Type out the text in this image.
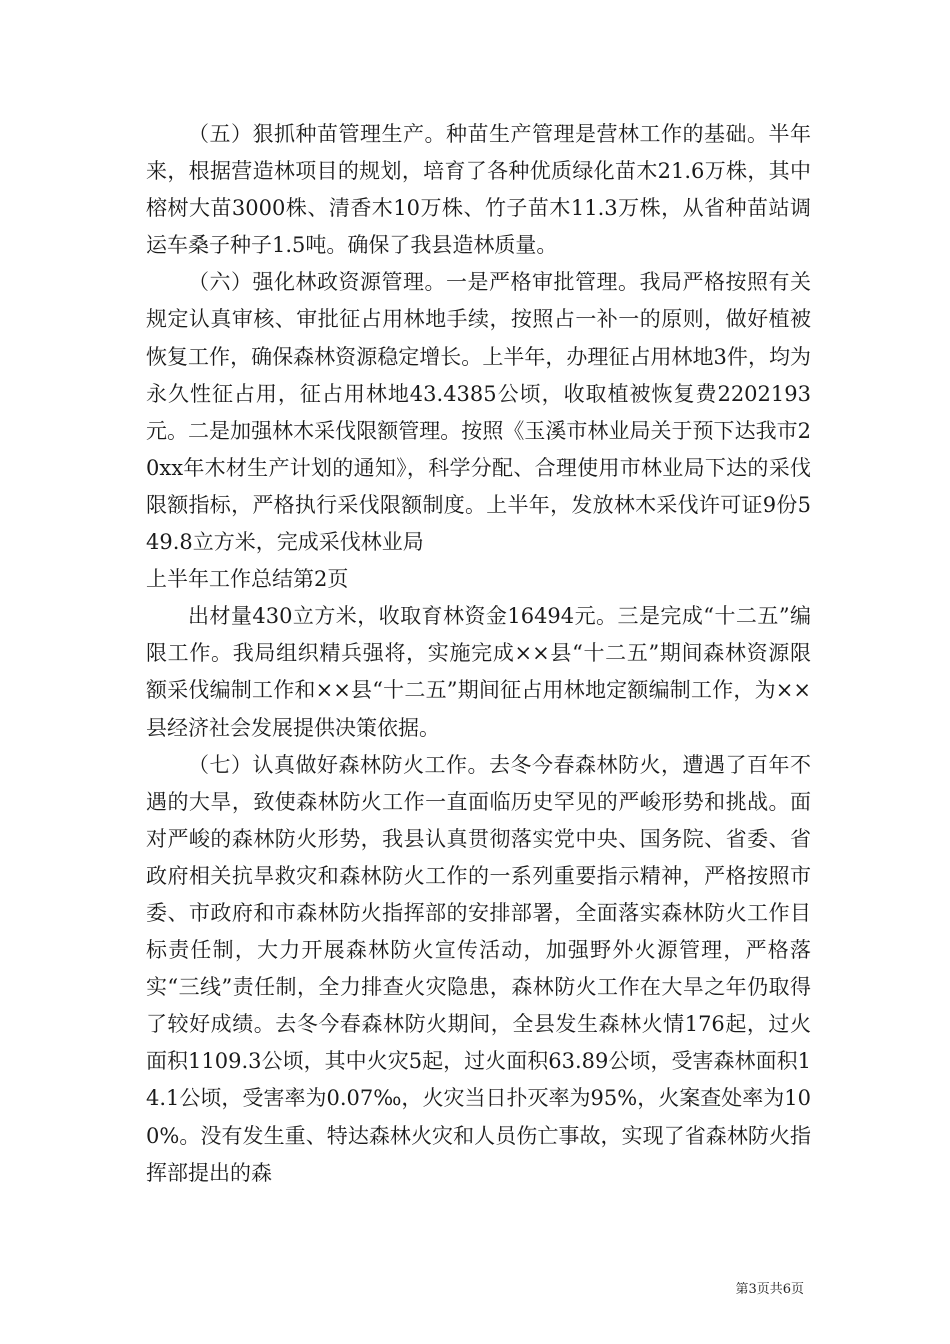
（五）狠抓种苗管理生产。种苗生产管理是营林工作的基础。半年来，根据营造林项目的规划，培育了各种优质绿化苗木21.6万株，其中榕树大苗3000株、清香木10万株、竹子苗木11.3万株，从省种苗站调运车桑子种子1.5吨。确保了我县造林质量。

（六）强化林政资源管理。一是严格审批管理。我局严格按照有关规定认真审核、审批征占用林地手续，按照占一补一的原则，做好植被恢复工作，确保森林资源稳定增长。上半年，办理征占用林地3件，均为永久性征占用，征占用林地43.4385公顷，收取植被恢复费2202193元。二是加强林木采伐限额管理。按照《玉溪市林业局关于预下达我市20xx年木材生产计划的通知》，科学分配、合理使用市林业局下达的采伐限额指标，严格执行采伐限额制度。上半年，发放林木采伐许可证9份549.8立方米，完成采伐林业局
上半年工作总结第2页

出材量430立方米，收取育林资金16494元。三是完成“十二五”编限工作。我局组织精兵强将，实施完成××县“十二五”期间森林资源限额采伐编制工作和××县“十二五”期间征占用林地定额编制工作，为××县经济社会发展提供决策依据。

（七）认真做好森林防火工作。去冬今春森林防火，遭遇了百年不遇的大旱，致使森林防火工作一直面临历史罕见的严峻形势和挑战。面对严峻的森林防火形势，我县认真贯彻落实党中央、国务院、省委、省政府相关抗旱救灾和森林防火工作的一系列重要指示精神，严格按照市委、市政府和市森林防火指挥部的安排部署，全面落实森林防火工作目标责任制，大力开展森林防火宣传活动，加强野外火源管理，严格落实“三线”责任制，全力排查火灾隐患，森林防火工作在大旱之年仍取得了较好成绩。去冬今春森林防火期间，全县发生森林火情176起，过火面积1109.3公顷，其中火灾5起，过火面积63.89公顷，受害森林面积14.1公顷，受害率为0.07‰，火灾当日扑灭率为95%，火案查处率为100%。没有发生重、特达森林火灾和人员伤亡事故，实现了省森林防火指挥部提出的森

第3页共6页
